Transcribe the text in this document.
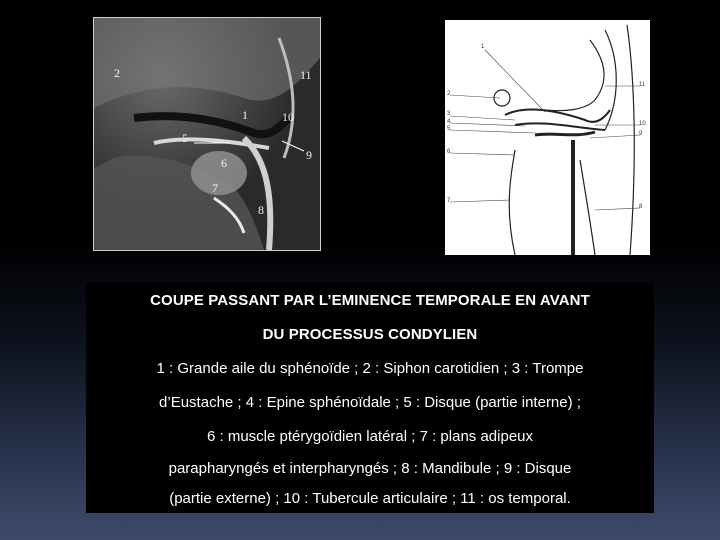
2	11
1	10
5
9
6
7
8
1
2
3
4
5
6
7
11
10
9
8
COUPE PASSANT PAR L’EMINENCE TEMPORALE EN AVANT
DU PROCESSUS CONDYLIEN
1 : Grande aile du sphénoïde ; 2 : Siphon carotidien ; 3 : Trompe
d’Eustache ; 4 : Epine sphénoïdale ; 5 : Disque (partie interne) ;
6 : muscle ptérygoïdien latéral ; 7 : plans adipeux
parapharyngés et interpharyngés ; 8 : Mandibule ; 9 : Disque
(partie externe) ; 10 : Tubercule articulaire ; 11 : os temporal.
